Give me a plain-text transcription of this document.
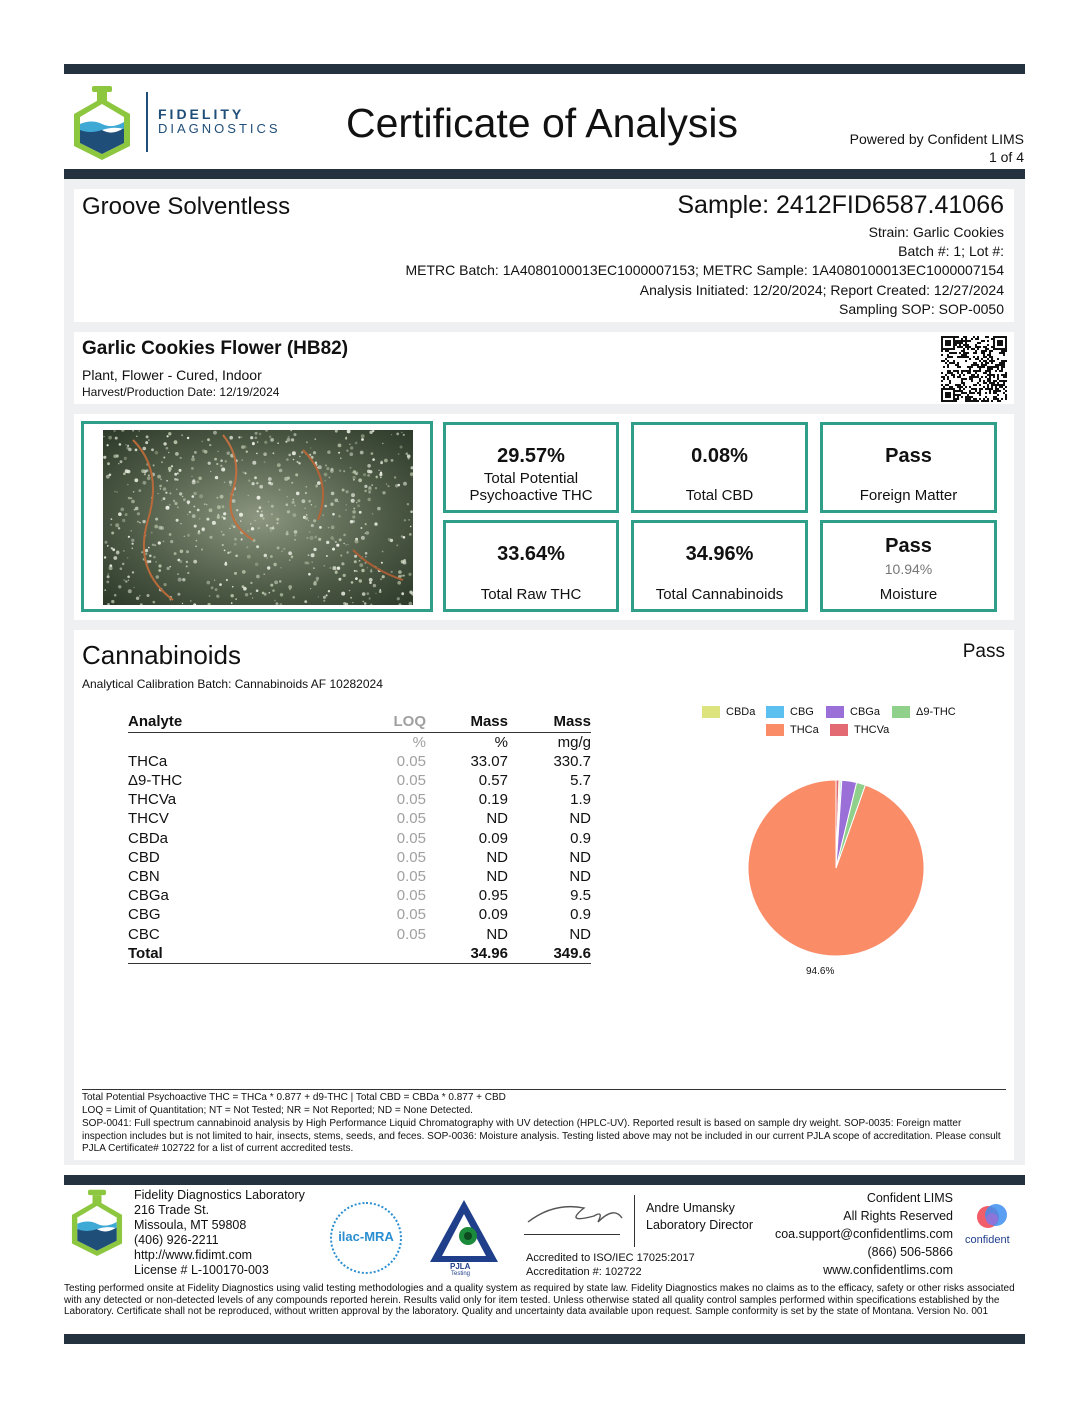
FIDELITY
DIAGNOSTICS Certificate of Analysis	Powered by Confident LIMS
1 of 4
Groove Solventless	Sample: 2412FID6587.41066
Strain: Garlic Cookies
Batch #: 1; Lot #:
METRC Batch: 1A4080100013EC1000007153; METRC Sample: 1A4080100013EC1000007154
Analysis Initiated: 12/20/2024; Report Created: 12/27/2024
Sampling SOP: SOP-0050
Garlic Cookies Flower (HB82)
Plant, Flower - Cured, Indoor
Harvest/Production Date: 12/19/2024
29.57%
Total Potential Psychoactive THC
0.08%
Total CBD
Pass
Foreign Matter
33.64%
Total Raw THC
34.96%
Total Cannabinoids
Pass
10.94%
Moisture
Cannabinoids	Pass
Analytical Calibration Batch: Cannabinoids AF 10282024
Analyte	LOQ	Mass	Mass
	%	%	mg/g
THCa	0.05	33.07	330.7
Δ9-THC	0.05	0.57	5.7
THCVa	0.05	0.19	1.9
THCV	0.05	ND	ND
CBDa	0.05	0.09	0.9
CBD	0.05	ND	ND
CBN	0.05	ND	ND
CBGa	0.05	0.95	9.5
CBG	0.05	0.09	0.9
CBC	0.05	ND	ND
Total		34.96	349.6
CBDa	CBG	CBGa	Δ9-THC
THCa	THCVa
94.6%
Total Potential Psychoactive THC = THCa * 0.877 + d9-THC | Total CBD = CBDa * 0.877 + CBD
LOQ = Limit of Quantitation; NT = Not Tested; NR = Not Reported; ND = None Detected.
SOP-0041: Full spectrum cannabinoid analysis by High Performance Liquid Chromatography with UV detection (HPLC-UV). Reported result is based on sample dry weight. SOP-0035: Foreign matter inspection includes but is not limited to hair, insects, stems, seeds, and feces. SOP-0036: Moisture analysis. Testing listed above may not be included in our current PJLA scope of accreditation. Please consult PJLA Certificate# 102722 for a list of current accredited tests.
Fidelity Diagnostics Laboratory
216 Trade St.
Missoula, MT 59808
(406) 926-2211
http://www.fidimt.com
License # L-100170-003
ilac-MRA
PJLA
Testing
Andre Umansky
Laboratory Director
Accredited to ISO/IEC 17025:2017
Accreditation #: 102722
Confident LIMS
All Rights Reserved
coa.support@confidentlims.com
(866) 506-5866
www.confidentlims.com
confident
Testing performed onsite at Fidelity Diagnostics using valid testing methodologies and a quality system as required by state law. Fidelity Diagnostics makes no claims as to the efficacy, safety or other risks associated with any detected or non-detected levels of any compounds reported herein. Results valid only for item tested. Unless otherwise stated all quality control samples performed within specifications established by the Laboratory. Certificate shall not be reproduced, without written approval by the laboratory. Quality and uncertainty data available upon request. Sample conformity is set by the state of Montana. Version No. 001
